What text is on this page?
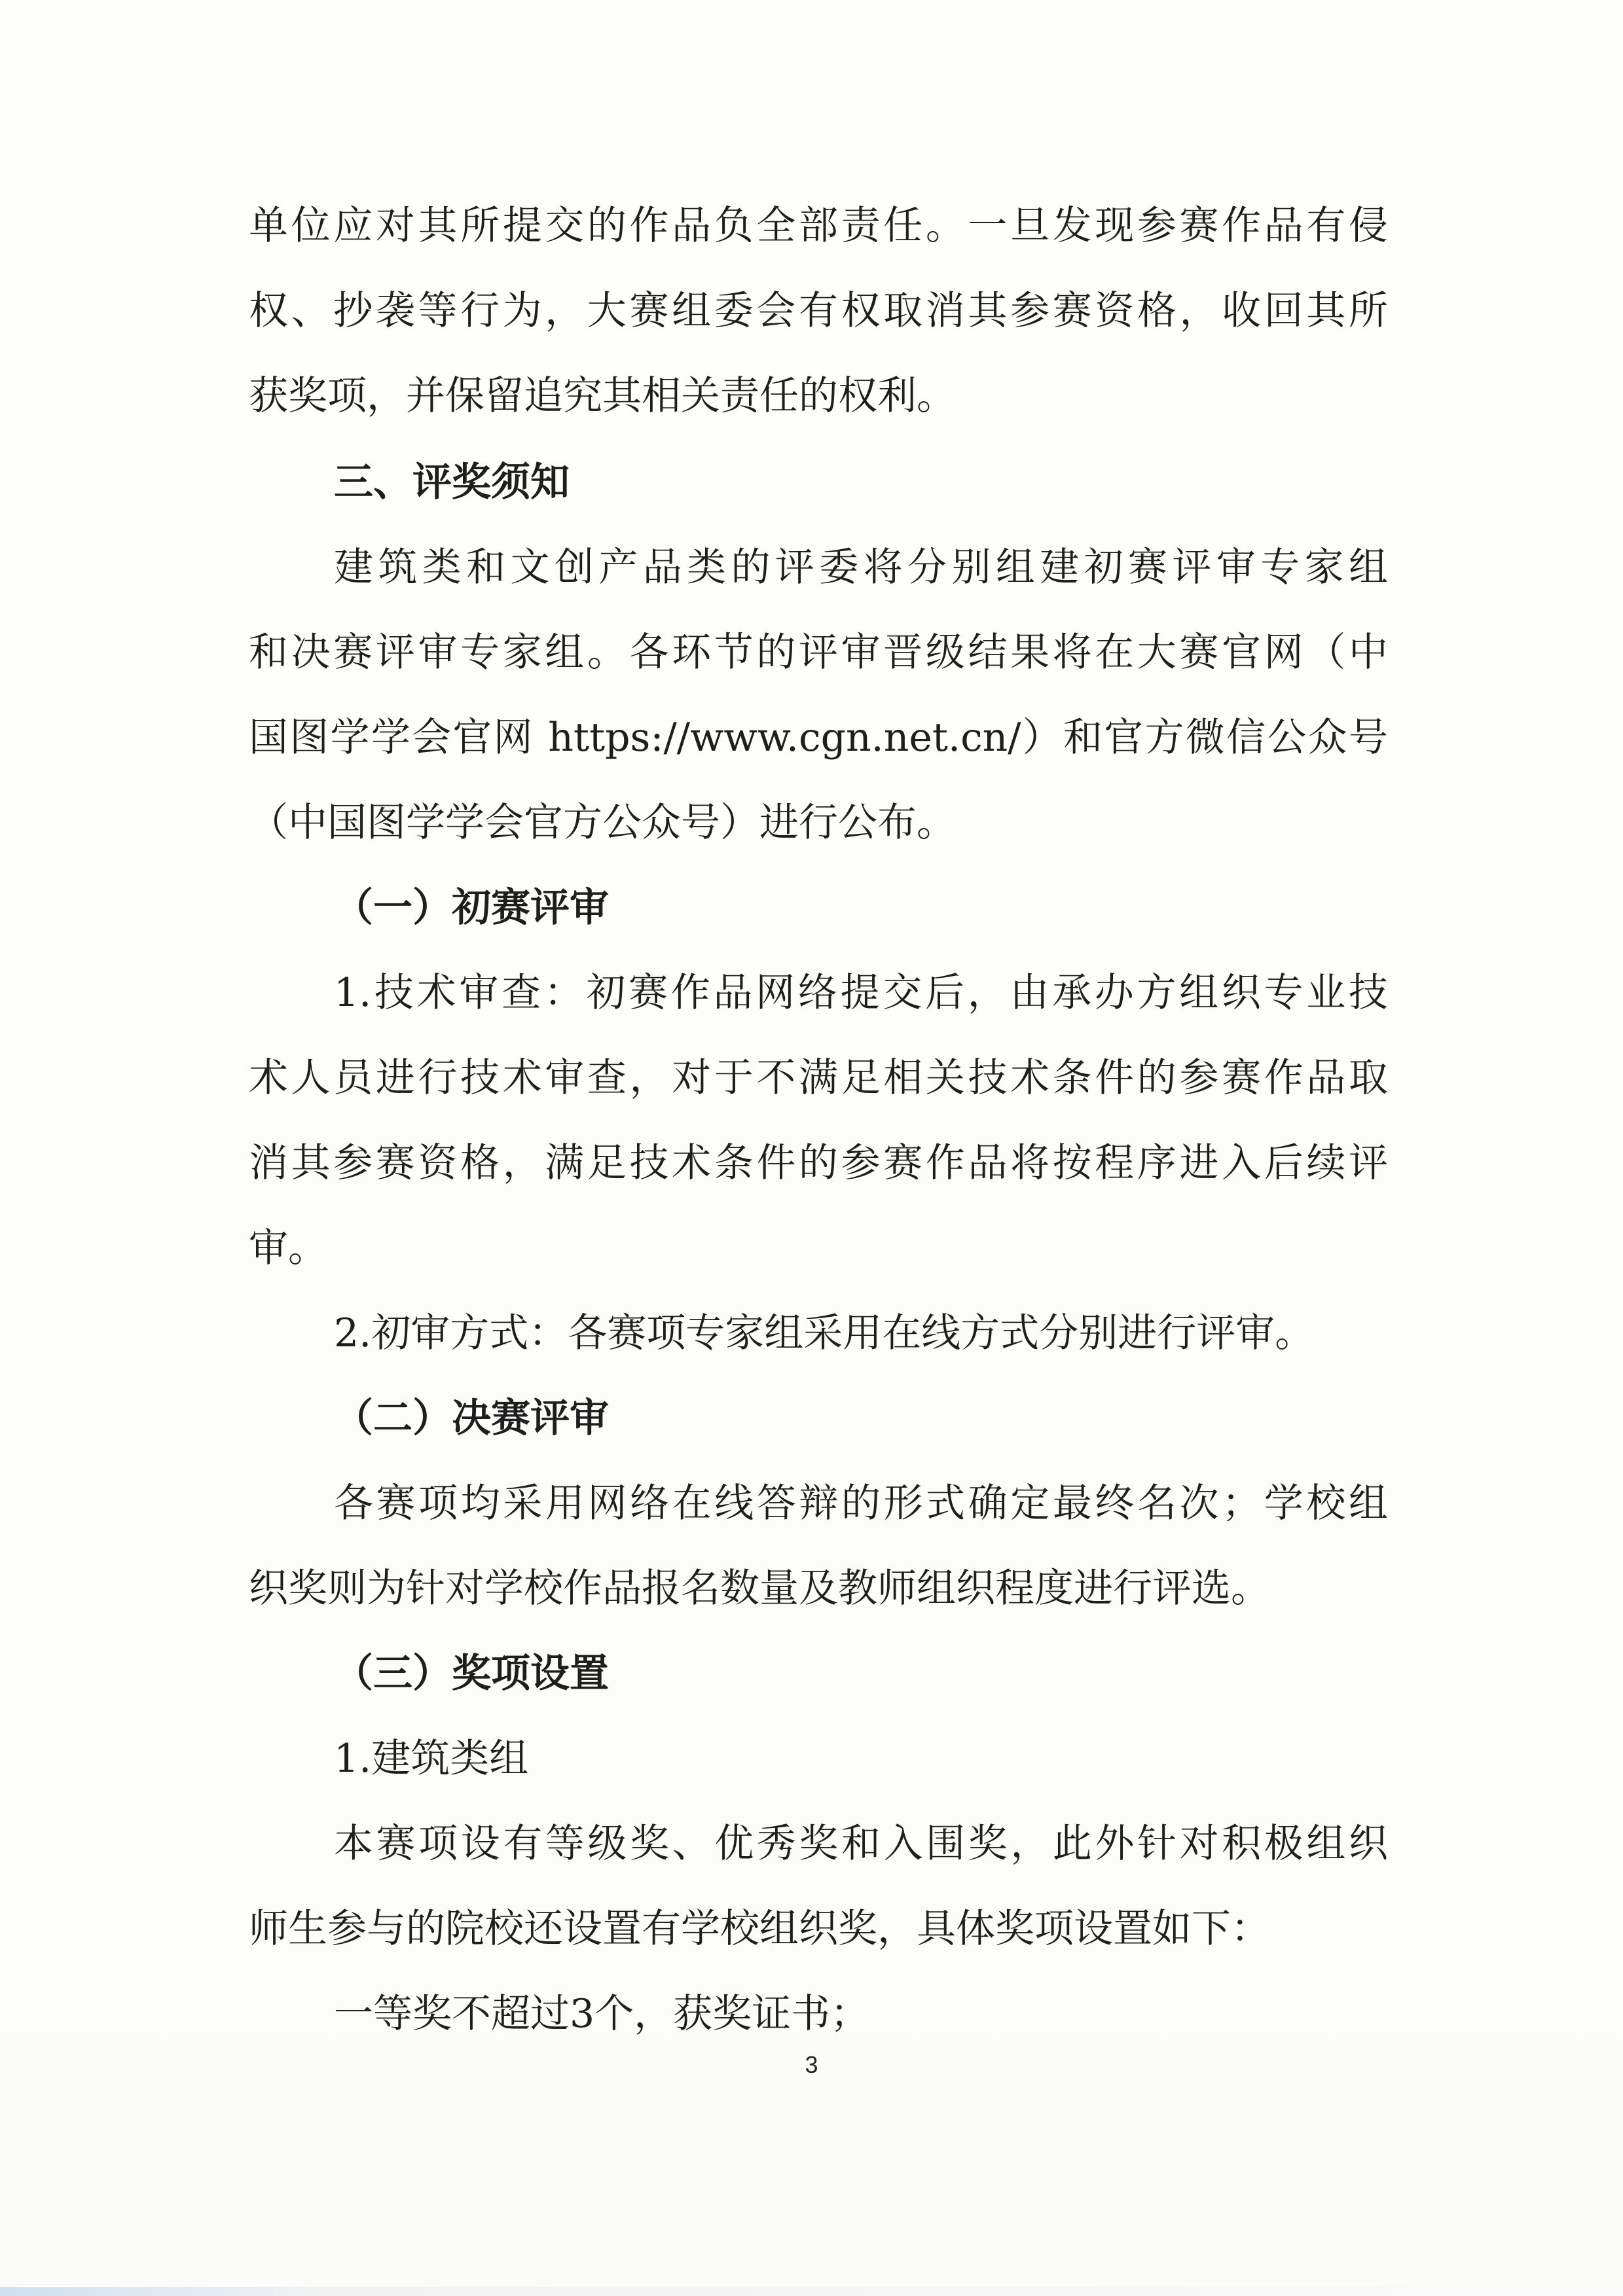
单位应对其所提交的作品负全部责任。一旦发现参赛作品有侵
权、抄袭等行为，大赛组委会有权取消其参赛资格，收回其所
获奖项，并保留追究其相关责任的权利。
三、评奖须知
建筑类和文创产品类的评委将分别组建初赛评审专家组
和决赛评审专家组。各环节的评审晋级结果将在大赛官网（中
国图学学会官网 https://www.cgn.net.cn/）和官方微信公众号
（中国图学学会官方公众号）进行公布。
（一）初赛评审
1.技术审查：初赛作品网络提交后，由承办方组织专业技
术人员进行技术审查，对于不满足相关技术条件的参赛作品取
消其参赛资格，满足技术条件的参赛作品将按程序进入后续评
审。
2.初审方式：各赛项专家组采用在线方式分别进行评审。
（二）决赛评审
各赛项均采用网络在线答辩的形式确定最终名次；学校组
织奖则为针对学校作品报名数量及教师组织程度进行评选。
（三）奖项设置
1.建筑类组
本赛项设有等级奖、优秀奖和入围奖，此外针对积极组织
师生参与的院校还设置有学校组织奖，具体奖项设置如下：
一等奖不超过3个，获奖证书；
3
